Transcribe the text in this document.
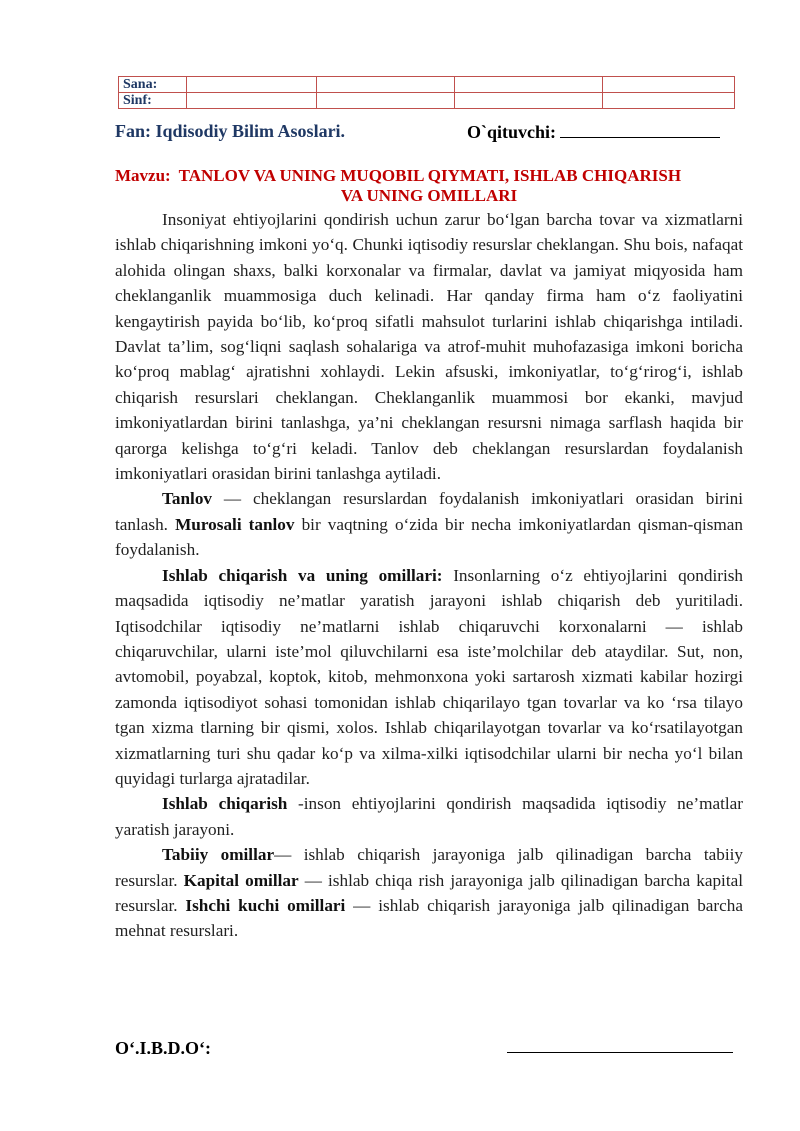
Sana:				
Sinf:				
Fan: Iqdisodiy Bilim Asoslari.	O`qituvchi:
Mavzu: TANLOV VA UNING MUQOBIL QIYMATI, ISHLAB CHIQARISH
VA UNING OMILLARI

Insoniyat ehtiyojlarini qondirish uchun zarur bo‘lgan barcha tovar va xizmatlarni ishlab chiqarishning imkoni yo‘q. Chunki iqtisodiy resurslar cheklangan. Shu bois, nafaqat alohida olingan shaxs, balki korxonalar va firmalar, davlat va jamiyat miqyosida ham cheklanganlik muammosiga duch kelinadi. Har qanday firma ham o‘z faoliyatini kengaytirish payida bo‘lib, ko‘proq sifatli mahsulot turlarini ishlab chiqarishga intiladi. Davlat ta’lim, sog‘liqni saqlash sohalariga va atrof-muhit muhofazasiga imkoni boricha ko‘proq mablag‘ ajratishni xohlaydi. Lekin afsuski, imkoniyatlar, to‘g‘rirog‘i, ishlab chiqarish resurslari cheklangan. Cheklanganlik muammosi bor ekanki, mavjud imkoniyatlardan birini tanlashga, ya’ni cheklangan resursni nimaga sarflash haqida bir qarorga kelishga to‘g‘ri keladi. Tanlov deb cheklangan resurslardan foydalanish imkoniyatlari orasidan birini tanlashga aytiladi.

Tanlov — cheklangan resurslardan foydalanish imkoniyatlari orasidan birini tanlash. Murosali tanlov bir vaqtning o‘zida bir necha imkoniyatlardan qisman-qisman foydalanish.

Ishlab chiqarish va uning omillari: Insonlarning o‘z ehtiyojlarini qondirish maqsadida iqtisodiy ne’matlar yaratish jarayoni ishlab chiqarish deb yuritiladi. Iqtisodchilar iqtisodiy ne’matlarni ishlab chiqaruvchi korxonalarni — ishlab chiqaruvchilar, ularni iste’mol qiluvchilarni esa iste’molchilar deb ataydilar. Sut, non, avtomobil, poyabzal, koptok, kitob, mehmonxona yoki sartarosh xizmati kabilar hozirgi zamonda iqtisodiyot sohasi tomonidan ishlab chiqarilayo tgan tovarlar va ko ‘rsa tilayo tgan xizma tlarning bir qismi, xolos. Ishlab chiqarilayotgan tovarlar va ko‘rsatilayotgan xizmatlarning turi shu qadar ko‘p va xilma-xilki iqtisodchilar ularni bir necha yo‘l bilan quyidagi turlarga ajratadilar.

Ishlab chiqarish -inson ehtiyojlarini qondirish maqsadida iqtisodiy ne’matlar yaratish jarayoni.

Tabiiy omillar— ishlab chiqarish jarayoniga jalb qilinadigan barcha tabiiy resurslar. Kapital omillar — ishlab chiqa rish jarayoniga jalb qilinadigan barcha kapital resurslar. Ishchi kuchi omillari — ishlab chiqarish jarayoniga jalb qilinadigan barcha mehnat resurslari.

O‘.I.B.D.O‘:
